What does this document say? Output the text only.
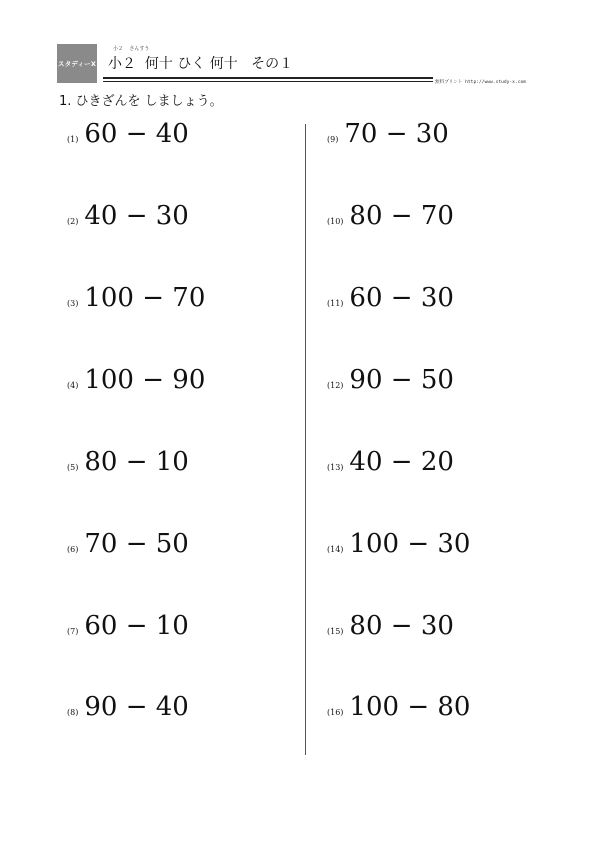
スタディーX
小２    さんすう
小２  何十 ひく 何十   その１
無料プリント http://www.study-x.com
1. ひきざんを しましょう。
(1) 60 − 40
(2) 40 − 30
(3) 100 − 70
(4) 100 − 90
(5) 80 − 10
(6) 70 − 50
(7) 60 − 10
(8) 90 − 40
(9) 70 − 30
(10) 80 − 70
(11) 60 − 30
(12) 90 − 50
(13) 40 − 20
(14) 100 − 30
(15) 80 − 30
(16) 100 − 80
